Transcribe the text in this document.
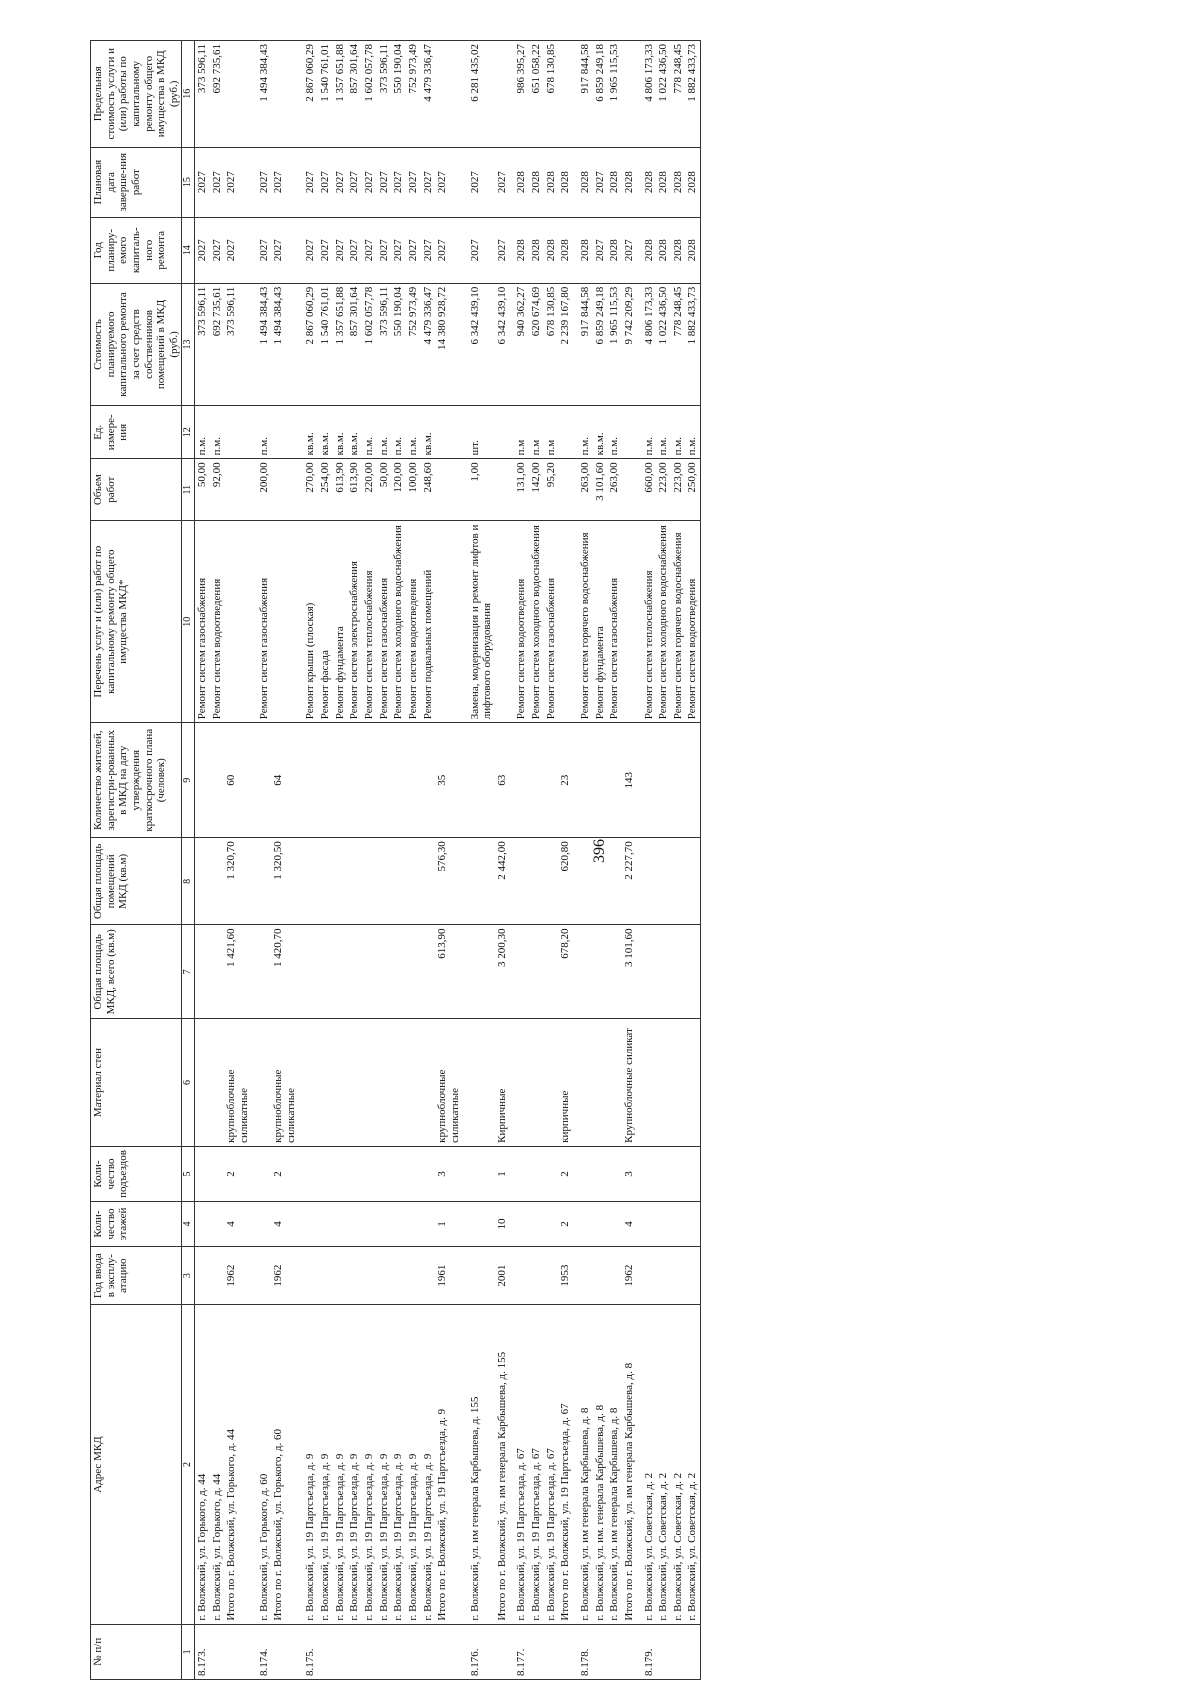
396
№ п/п	Адрес МКД	Год ввода в эксплу-атацию	Коли-чество этажей	Коли-чество подъездов	Материал стен	Общая площадь МКД, всего (кв.м)	Общая площадь помещений МКД (кв.м)	Количество жителей, зарегистри-рованных в МКД на дату утверждения краткосрочного плана (человек)	Перечень услуг и (или) работ по капитальному ремонту общего имущества МКД*	Объем работ	Ед. измере-ния	Стоимость планируемого капитального ремонта за счет средств собственников помещений в МКД (руб.)	Год планиру-емого капиталь-ного ремонта	Плановая дата заверше-ния работ	Предельная стоимость услуги и (или) работы по капитальному ремонту общего имущества в МКД (руб.)
1	2	3	4	5	6	7	8	9	10	11	12	13	14	15	16

8.173.	г. Волжский, ул. Горького, д. 44								Ремонт систем газоснабжения	50,00	п.м.	373 596,11	2027	2027	373 596,11

	г. Волжский, ул. Горького, д. 44								Ремонт систем водоотведения	92,00	п.м.	692 735,61	2027	2027	692 735,61

	Итого по г. Волжский, ул. Горького, д. 44	1962	4	2	крупноблочные силикатные	1 421,60	1 320,70	60				373 596,11	2027	2027	

8.174.	г. Волжский, ул. Горького, д. 60								Ремонт систем газоснабжения	200,00	п.м.	1 494 384,43	2027	2027	1 494 384,43

	Итого по г. Волжский, ул. Горького, д. 60	1962	4	2	крупноблочные силикатные	1 420,70	1 320,50	64				1 494 384,43	2027	2027	

8.175.	г. Волжский, ул. 19 Партсъезда, д. 9								Ремонт крыши (плоская)	270,00	кв.м.	2 867 060,29	2027	2027	2 867 060,29

	г. Волжский, ул. 19 Партсъезда, д. 9								Ремонт фасада	254,00	кв.м.	1 540 761,01	2027	2027	1 540 761,01

	г. Волжский, ул. 19 Партсъезда, д. 9								Ремонт фундамента	613,90	кв.м.	1 357 651,88	2027	2027	1 357 651,88

	г. Волжский, ул. 19 Партсъезда, д. 9								Ремонт систем электроснабжения	613,90	кв.м.	857 301,64	2027	2027	857 301,64

	г. Волжский, ул. 19 Партсъезда, д. 9								Ремонт систем теплоснабжения	220,00	п.м.	1 602 057,78	2027	2027	1 602 057,78

	г. Волжский, ул. 19 Партсъезда, д. 9								Ремонт систем газоснабжения	50,00	п.м.	373 596,11	2027	2027	373 596,11

	г. Волжский, ул. 19 Партсъезда, д. 9								Ремонт систем холодного водоснабжения	120,00	п.м.	550 190,04	2027	2027	550 190,04

	г. Волжский, ул. 19 Партсъезда, д. 9								Ремонт систем водоотведения	100,00	п.м.	752 973,49	2027	2027	752 973,49

	г. Волжский, ул. 19 Партсъезда, д. 9								Ремонт подвальных помещений	248,60	кв.м.	4 479 336,47	2027	2027	4 479 336,47

	Итого по г. Волжский, ул. 19 Партсъезда, д. 9	1961	1	3	крупноблочные силикатные	613,90	576,30	35				14 380 928,72	2027	2027	

8.176.	г. Волжский, ул. им генерала Карбышева, д. 155								Замена, модернизация и ремонт лифтов и лифтового оборудования	1,00	шт.	6 342 439,10	2027	2027	6 281 435,02

	Итого по г. Волжский, ул. им генерала Карбышева, д. 155	2001	10	1	Кирпичные	3 200,30	2 442,00	63				6 342 439,10	2027	2027	

8.177.	г. Волжский, ул. 19 Партсъезда, д. 67								Ремонт систем водоотведения	131,00	п.м	940 362,27	2028	2028	986 395,27

	г. Волжский, ул. 19 Партсъезда, д. 67								Ремонт систем холодного водоснабжения	142,00	п.м	620 674,69	2028	2028	651 058,22

	г. Волжский, ул. 19 Партсъезда, д. 67								Ремонт систем газоснабжения	95,20	п.м	678 130,85	2028	2028	678 130,85

	Итого по г. Волжский, ул. 19 Партсъезда, д. 67	1953	2	2	кирпичные	678,20	620,80	23				2 239 167,80	2028	2028	

8.178.	г. Волжский, ул. им генерала Карбышева, д. 8								Ремонт систем горячего водоснабжения	263,00	п.м.	917 844,58	2028	2028	917 844,58

	г. Волжский, ул. им. генерала Карбышева, д. 8								Ремонт фундамента	3 101,60	кв.м.	6 859 249,18	2027	2027	6 859 249,18

	г. Волжский, ул. им генерала Карбышева, д. 8								Ремонт систем газоснабжения	263,00	п.м.	1 965 115,53	2028	2028	1 965 115,53

	Итого по г. Волжский, ул. им генерала Карбышева, д. 8	1962	4	3	Крупноблочные силикат	3 101,60	2 227,70	143				9 742 209,29	2027	2028	

8.179.	г. Волжский, ул. Советская, д. 2								Ремонт систем теплоснабжения	660,00	п.м.	4 806 173,33	2028	2028	4 806 173,33

	г. Волжский, ул. Советская, д. 2								Ремонт систем холодного водоснабжения	223,00	п.м.	1 022 436,50	2028	2028	1 022 436,50

	г. Волжский, ул. Советская, д. 2								Ремонт систем горячего водоснабжения	223,00	п.м.	778 248,45	2028	2028	778 248,45

	г. Волжский, ул. Советская, д. 2								Ремонт систем водоотведения	250,00	п.м.	1 882 433,73	2028	2028	1 882 433,73
